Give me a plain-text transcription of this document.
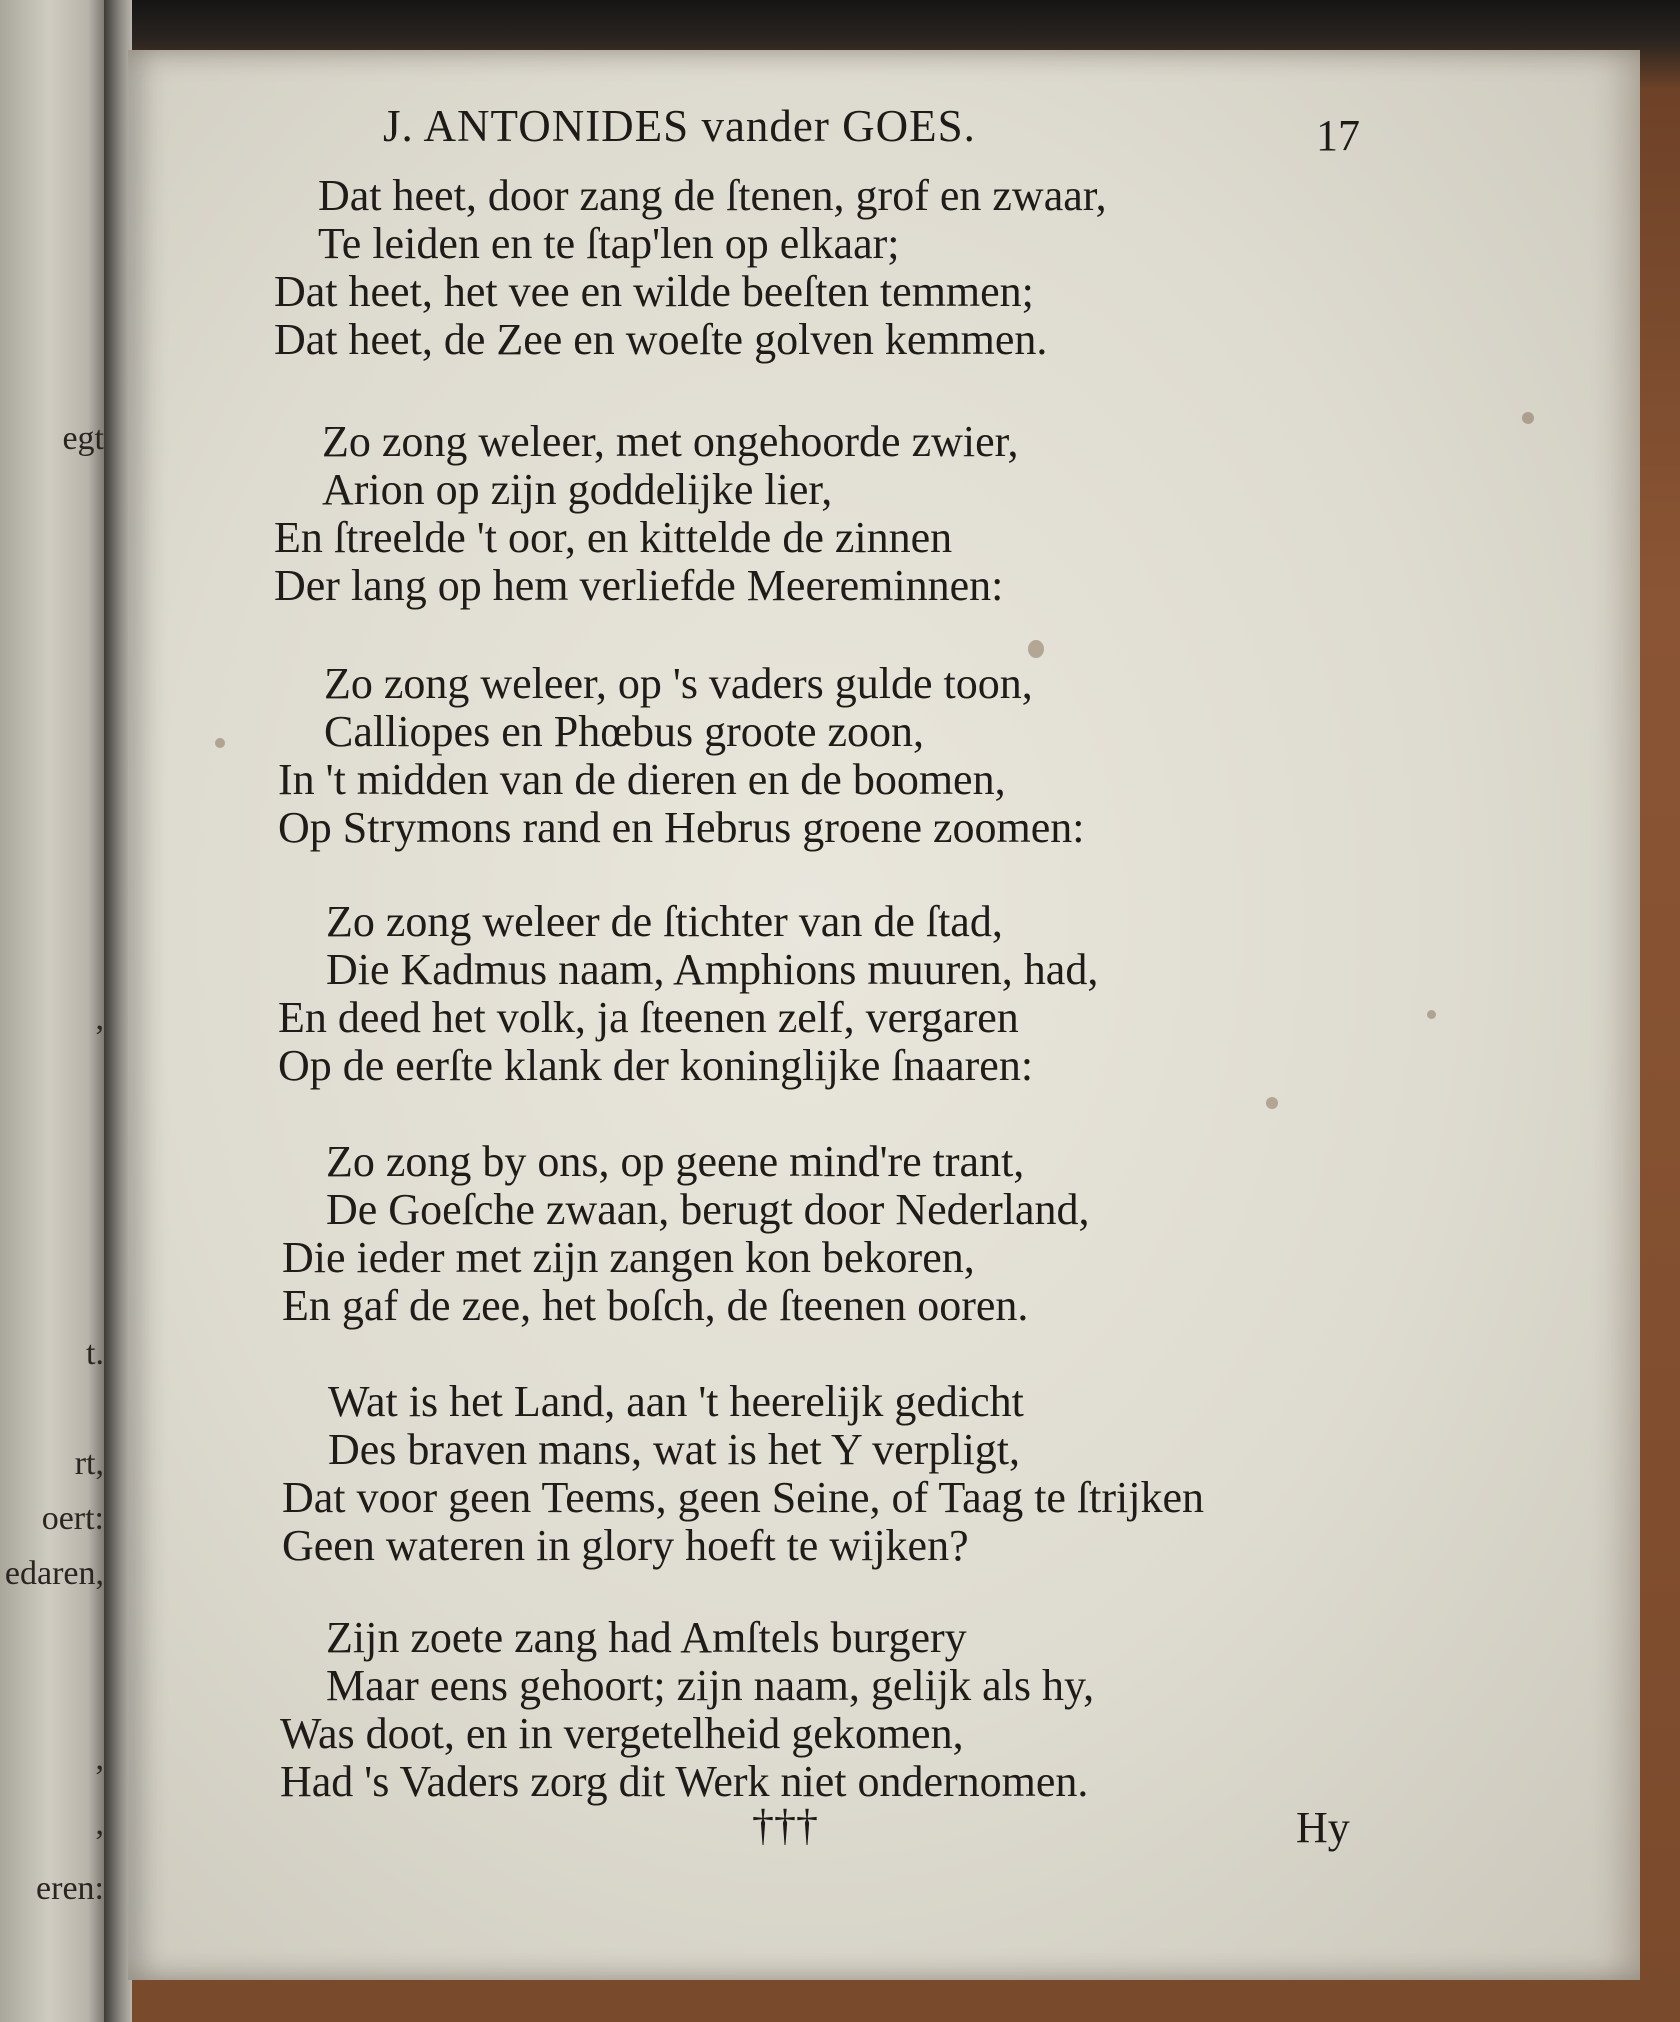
egt
,
t.
rt,
oert:
edaren,
,
,
eren:
J. ANTONIDES vander GOES.	17
Dat heet, door zang de ſtenen, grof en zwaar,
Te leiden en te ſtap'len op elkaar;
Dat heet, het vee en wilde beeſten temmen;
Dat heet, de Zee en woeſte golven kemmen.
Zo zong weleer, met ongehoorde zwier,
Arion op zijn goddelijke lier,
En ſtreelde 't oor, en kittelde de zinnen
Der lang op hem verliefde Meereminnen:
Zo zong weleer, op 's vaders gulde toon,
Calliopes en Phœbus groote zoon,
In 't midden van de dieren en de boomen,
Op Strymons rand en Hebrus groene zoomen:
Zo zong weleer de ſtichter van de ſtad,
Die Kadmus naam, Amphions muuren, had,
En deed het volk, ja ſteenen zelf, vergaren
Op de eerſte klank der koninglijke ſnaaren:
Zo zong by ons, op geene mind're trant,
De Goeſche zwaan, berugt door Nederland,
Die ieder met zijn zangen kon bekoren,
En gaf de zee, het boſch, de ſteenen ooren.
Wat is het Land, aan 't heerelijk gedicht
Des braven mans, wat is het Y verpligt,
Dat voor geen Teems, geen Seine, of Taag te ſtrijken
Geen wateren in glory hoeft te wijken?
Zijn zoete zang had Amſtels burgery
Maar eens gehoort; zijn naam, gelijk als hy,
Was doot, en in vergetelheid gekomen,
Had 's Vaders zorg dit Werk niet ondernomen.
†††	Hy
